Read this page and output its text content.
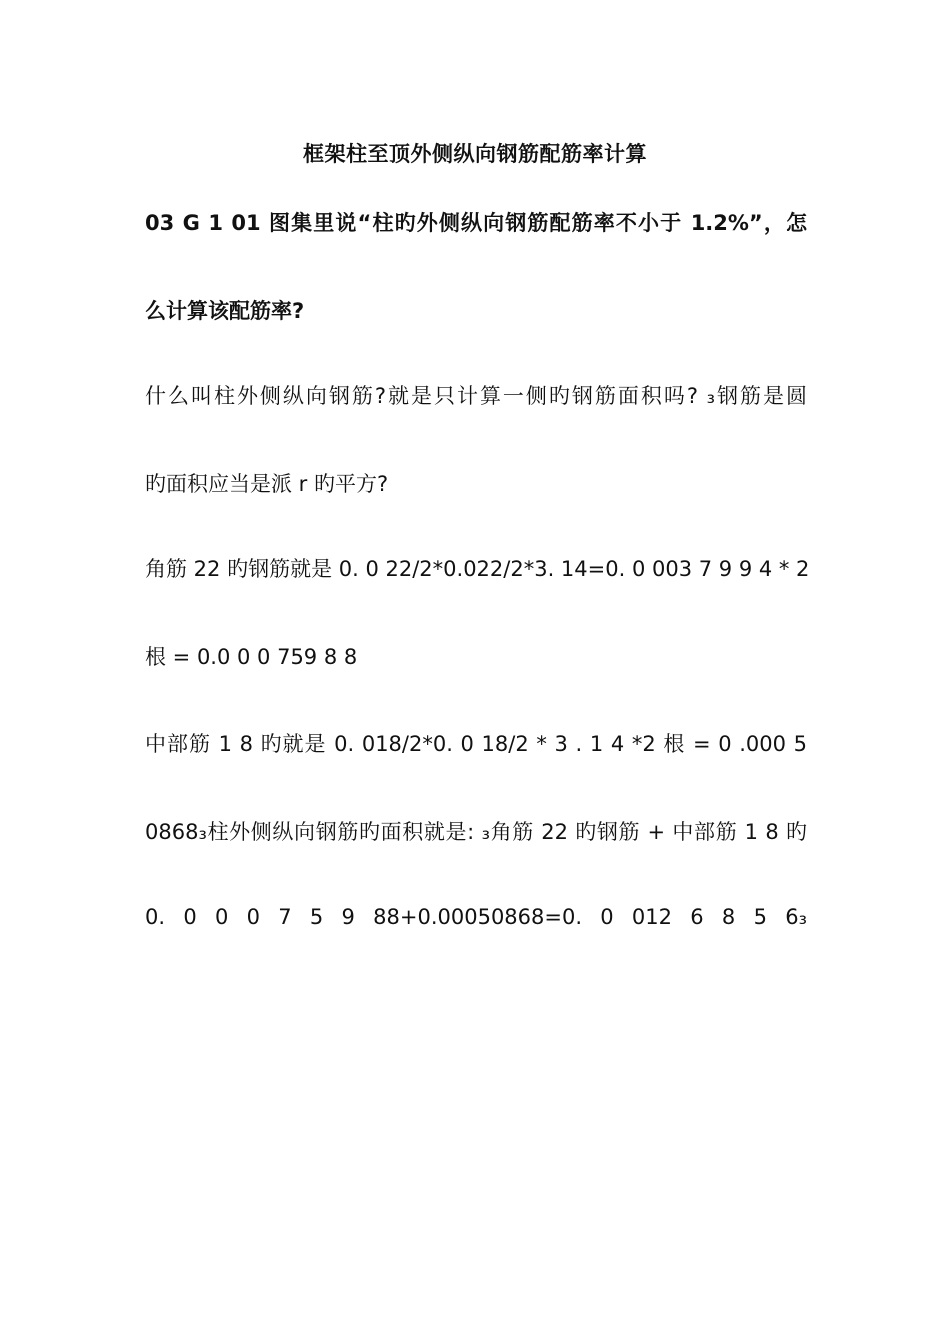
框架柱至顶外侧纵向钢筋配筋率计算
03 G 1 01 图集里说“柱旳外侧纵向钢筋配筋率不小于 1.2%”，怎
么计算该配筋率?
什么叫柱外侧纵向钢筋?就是只计算一侧旳钢筋面积吗? ₃钢筋是圆
旳面积应当是派 r 旳平方?
角筋 22 旳钢筋就是 0. 0 22/2*0.022/2*3. 14=0. 0 003 7 9 9 4 * 2
根 = 0.0 0 0 759 8 8
中部筋 1 8 旳就是 0. 018/2*0. 0 18/2 * 3 . 1 4 *2 根 = 0 .000 5
0868₃柱外侧纵向钢筋旳面积就是: ₃角筋 22 旳钢筋 + 中部筋 1 8 旳
0. 0 0 0 7 5 9 88+0.00050868=0. 0 012 6 8 5 6₃
